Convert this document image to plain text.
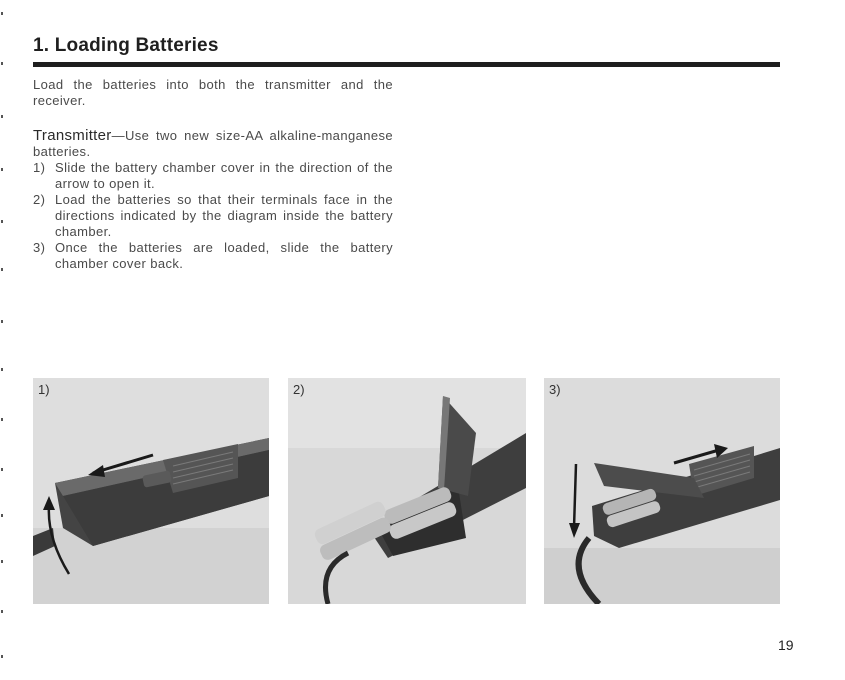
1. Loading Batteries

Load the batteries into both the transmitter and the receiver.

Transmitter—Use two new size-AA alkaline-manganese batteries.

1) Slide the battery chamber cover in the direction of the arrow to open it.
2) Load the batteries so that their terminals face in the directions indicated by the diagram inside the battery chamber.
3) Once the batteries are loaded, slide the battery chamber cover back.
1)	2)	3)
19
